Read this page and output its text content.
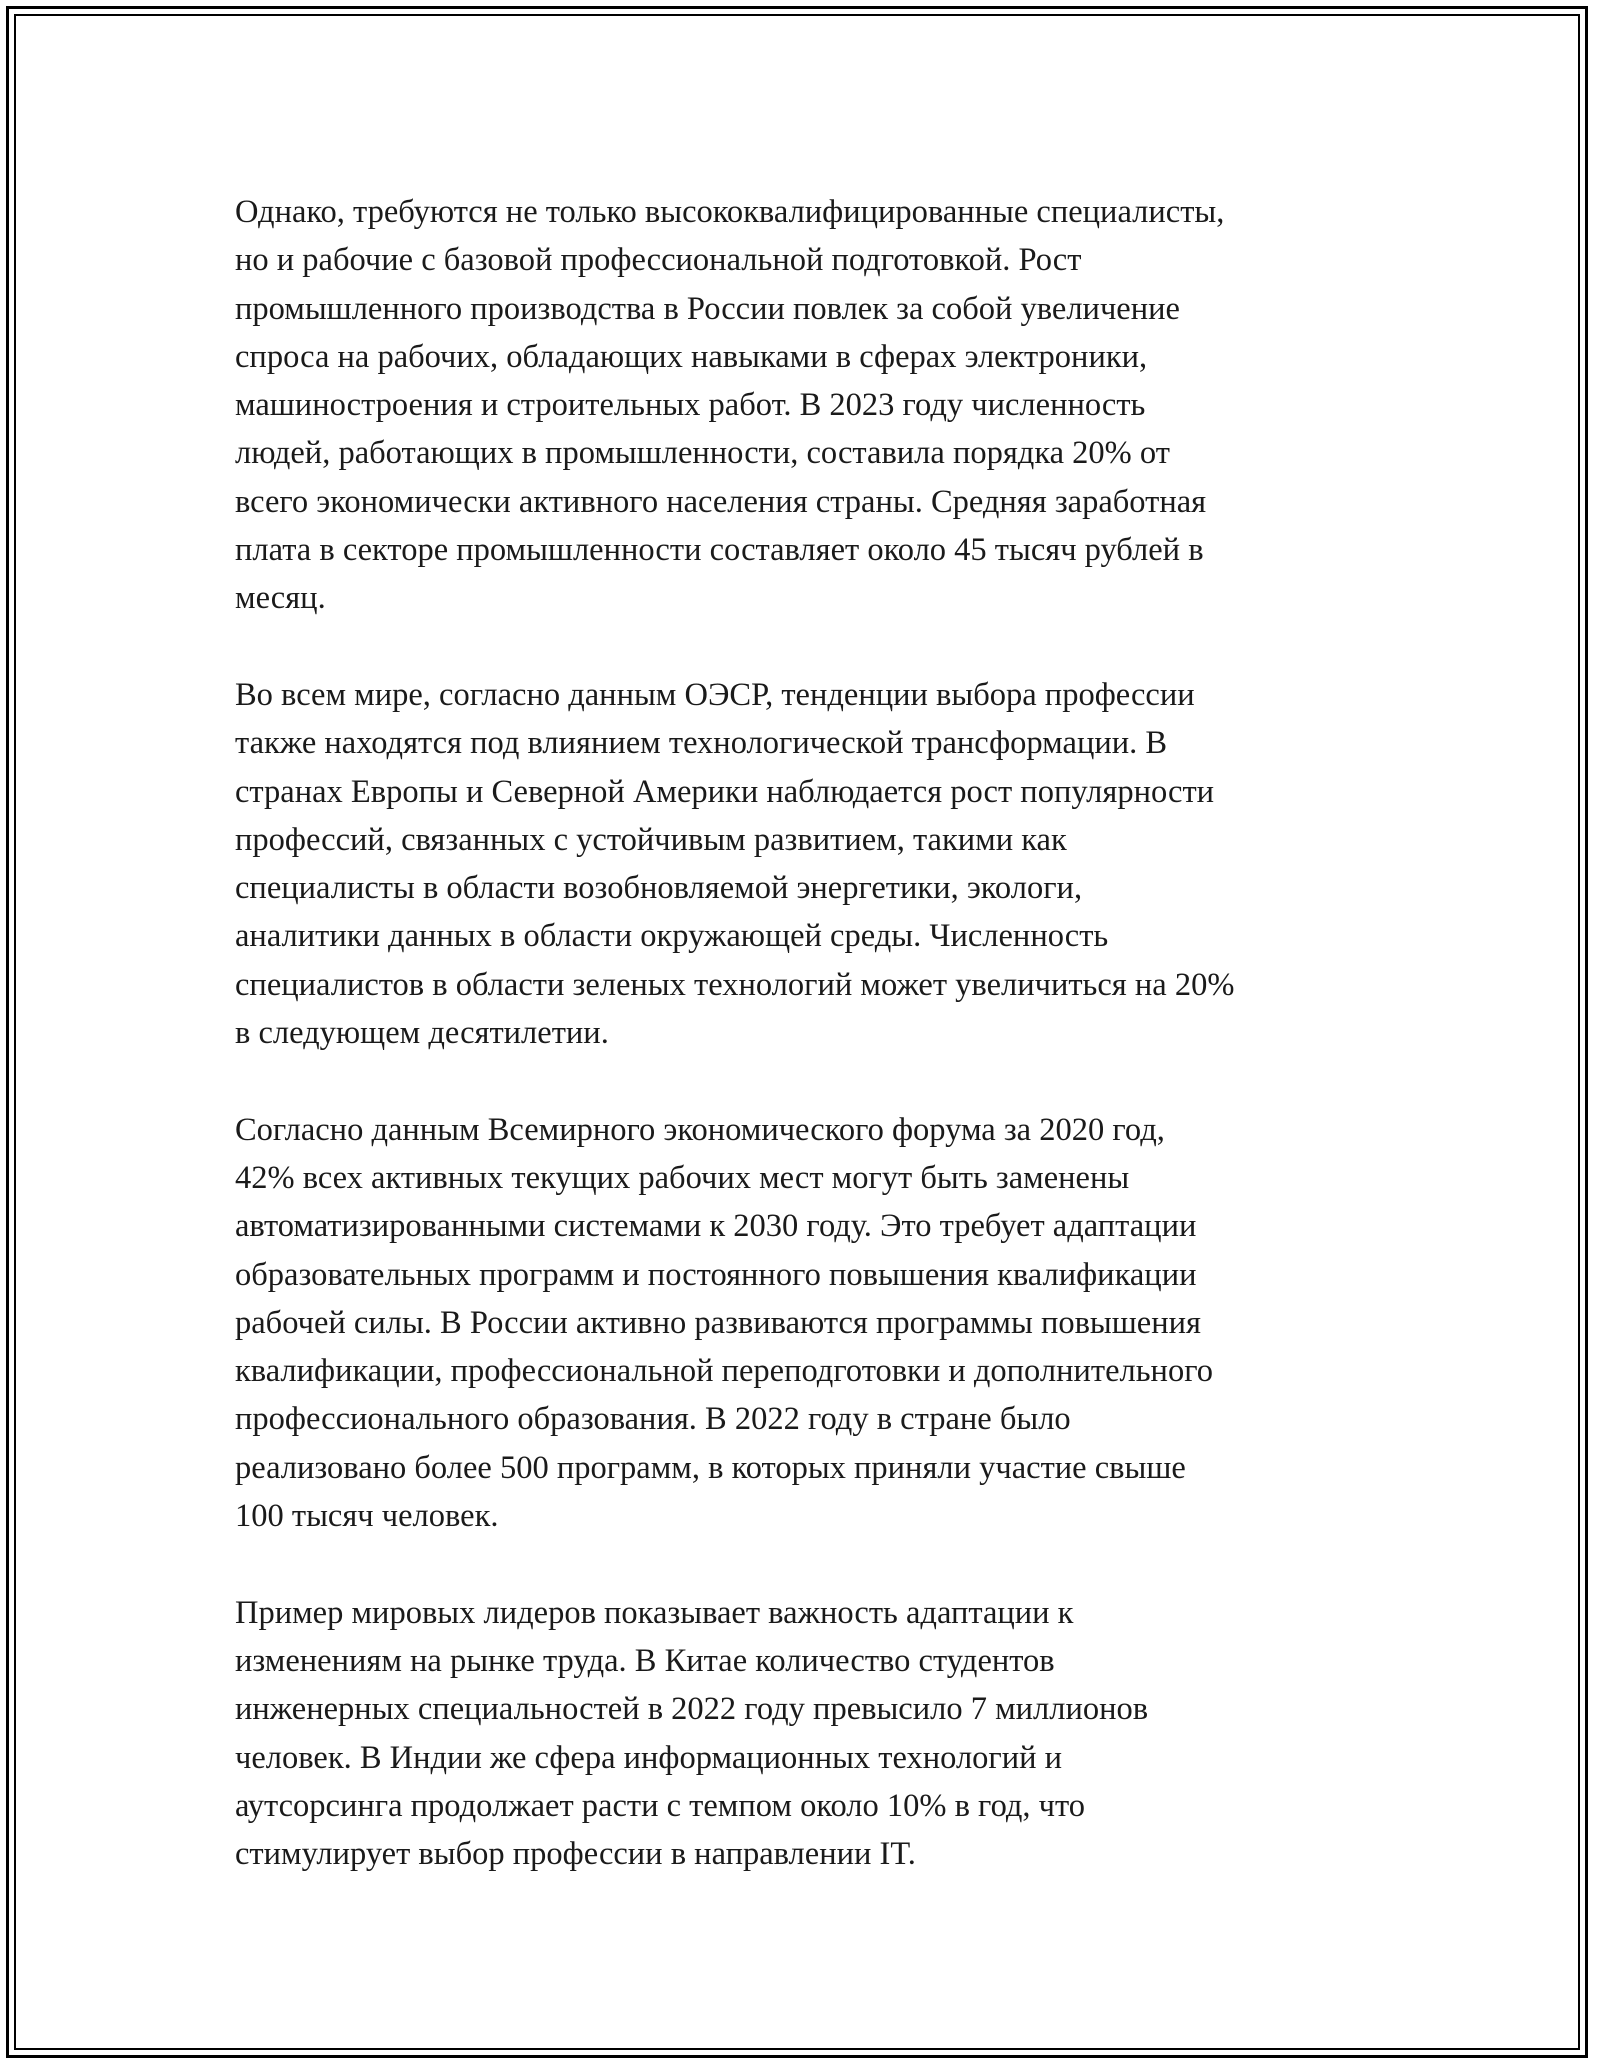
Однако, требуются не только высококвалифицированные специалисты,
но и рабочие с базовой профессиональной подготовкой. Рост
промышленного производства в России повлек за собой увеличение
спроса на рабочих, обладающих навыками в сферах электроники,
машиностроения и строительных работ. В 2023 году численность
людей, работающих в промышленности, составила порядка 20% от
всего экономически активного населения страны. Средняя заработная
плата в секторе промышленности составляет около 45 тысяч рублей в
месяц.

Во всем мире, согласно данным ОЭСР, тенденции выбора профессии
также находятся под влиянием технологической трансформации. В
странах Европы и Северной Америки наблюдается рост популярности
профессий, связанных с устойчивым развитием, такими как
специалисты в области возобновляемой энергетики, экологи,
аналитики данных в области окружающей среды. Численность
специалистов в области зеленых технологий может увеличиться на 20%
в следующем десятилетии.

Согласно данным Всемирного экономического форума за 2020 год,
42% всех активных текущих рабочих мест могут быть заменены
автоматизированными системами к 2030 году. Это требует адаптации
образовательных программ и постоянного повышения квалификации
рабочей силы. В России активно развиваются программы повышения
квалификации, профессиональной переподготовки и дополнительного
профессионального образования. В 2022 году в стране было
реализовано более 500 программ, в которых приняли участие свыше
100 тысяч человек.

Пример мировых лидеров показывает важность адаптации к
изменениям на рынке труда. В Китае количество студентов
инженерных специальностей в 2022 году превысило 7 миллионов
человек. В Индии же сфера информационных технологий и
аутсорсинга продолжает расти с темпом около 10% в год, что
стимулирует выбор профессии в направлении IT.
